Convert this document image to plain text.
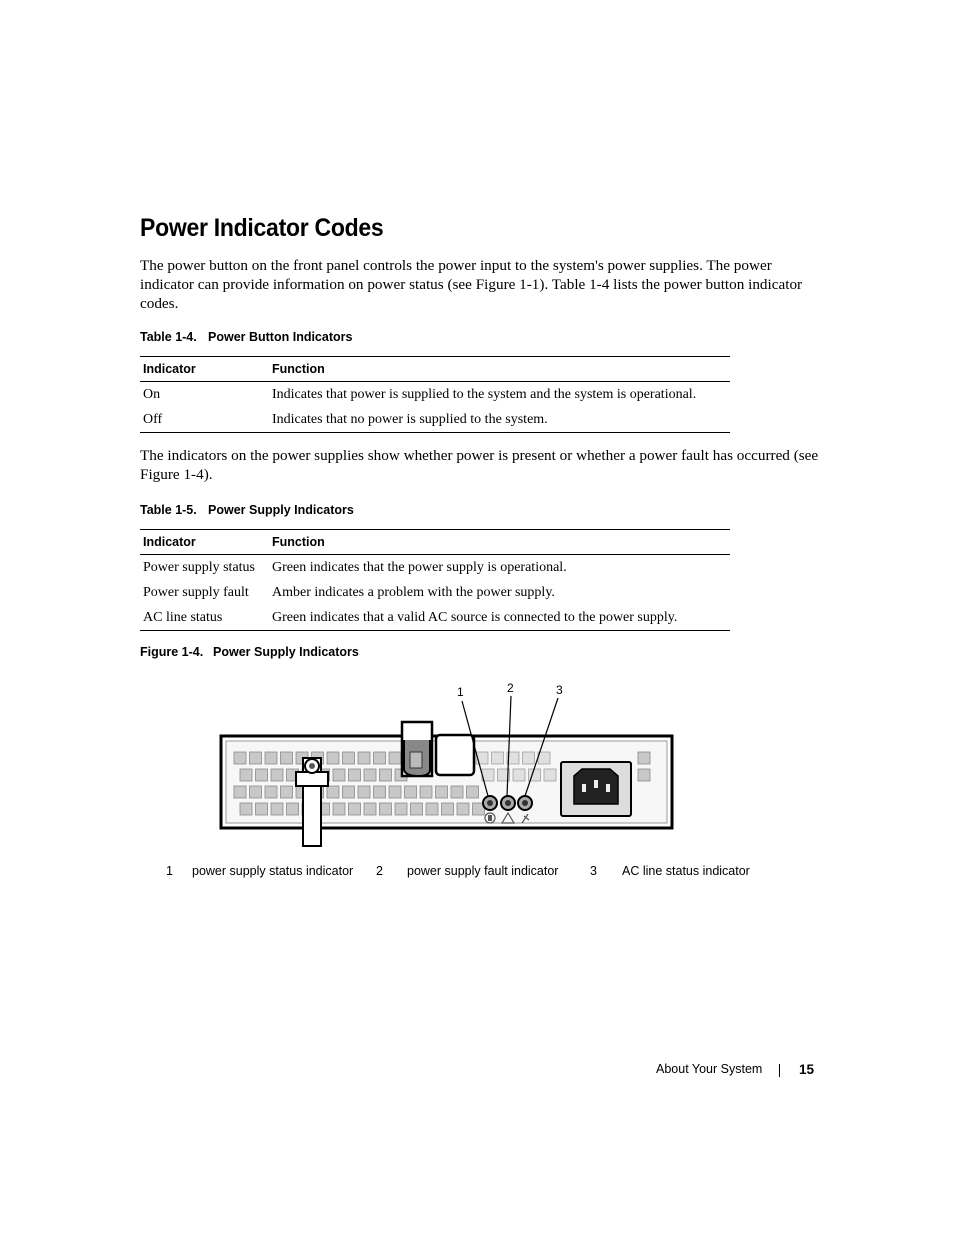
Power Indicator Codes

The power button on the front panel controls the power input to the system's power supplies. The power indicator can provide information on power status (see Figure 1-1). Table 1-4 lists the power button indicator codes.

Table 1-4. Power Button Indicators

Indicator	Function
On	Indicates that power is supplied to the system and the system is operational.
Off	Indicates that no power is supplied to the system.

The indicators on the power supplies show whether power is present or whether a power fault has occurred (see Figure 1-4).

Table 1-5. Power Supply Indicators

Indicator	Function
Power supply status	Green indicates that the power supply is operational.
Power supply fault	Amber indicates a problem with the power supply.
AC line status	Green indicates that a valid AC source is connected to the power supply.

Figure 1-4. Power Supply Indicators

1	2	3
1 power supply status indicator 2 power supply fault indicator	3 AC line status indicator
About Your System	15
